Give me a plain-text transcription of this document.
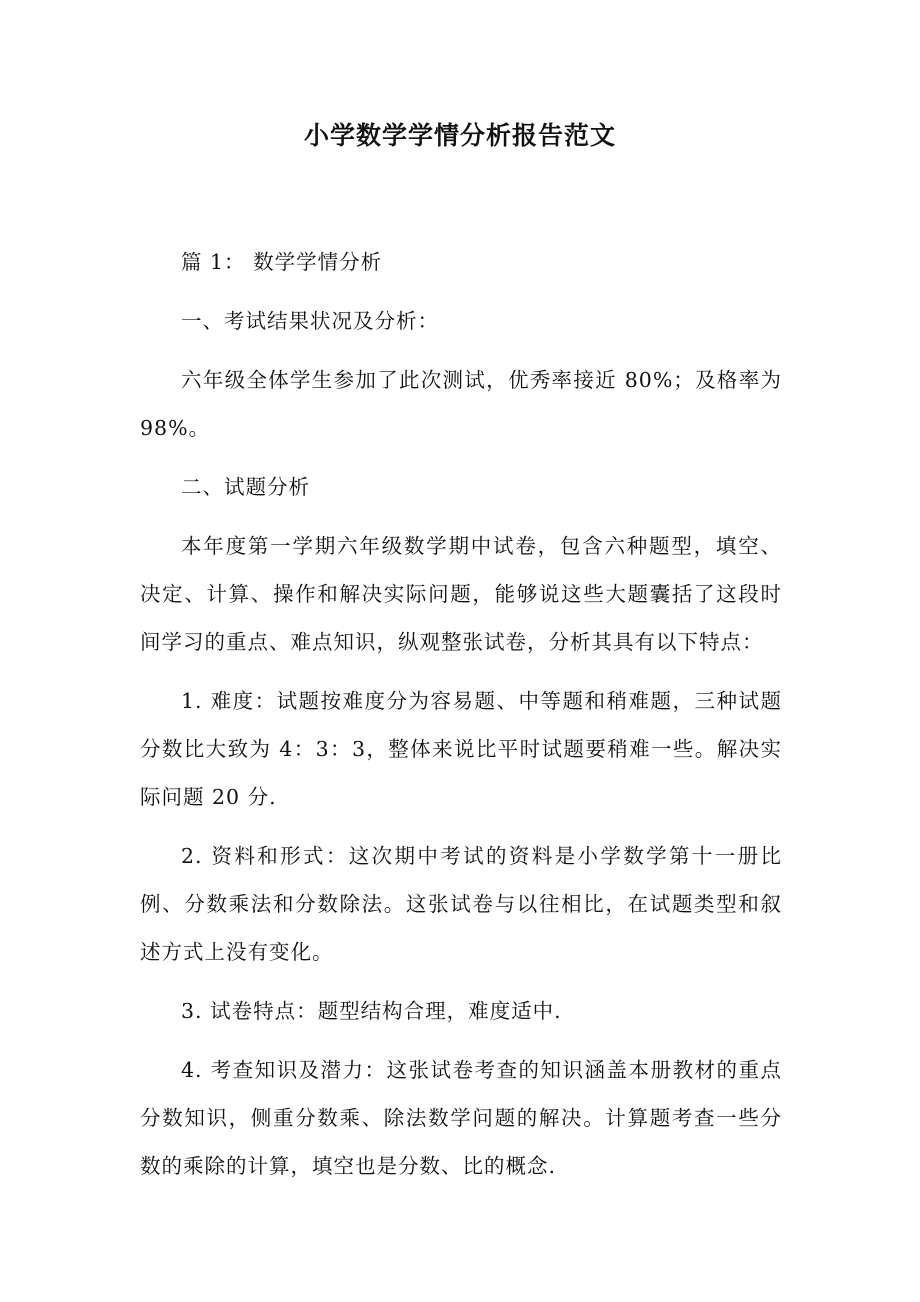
小学数学学情分析报告范文

篇 1： 数学学情分析

一、考试结果状况及分析：

六年级全体学生参加了此次测试，优秀率接近 80%；及格率为 98%。

二、试题分析

本年度第一学期六年级数学期中试卷，包含六种题型，填空、决定、计算、操作和解决实际问题，能够说这些大题囊括了这段时间学习的重点、难点知识，纵观整张试卷，分析其具有以下特点：

1. 难度：试题按难度分为容易题、中等题和稍难题，三种试题分数比大致为 4：3：3，整体来说比平时试题要稍难一些。解决实际问题 20 分.

2. 资料和形式：这次期中考试的资料是小学数学第十一册比例、分数乘法和分数除法。这张试卷与以往相比，在试题类型和叙述方式上没有变化。

3. 试卷特点：题型结构合理，难度适中.

4. 考查知识及潜力：这张试卷考查的知识涵盖本册教材的重点分数知识，侧重分数乘、除法数学问题的解决。计算题考查一些分数的乘除的计算，填空也是分数、比的概念.
